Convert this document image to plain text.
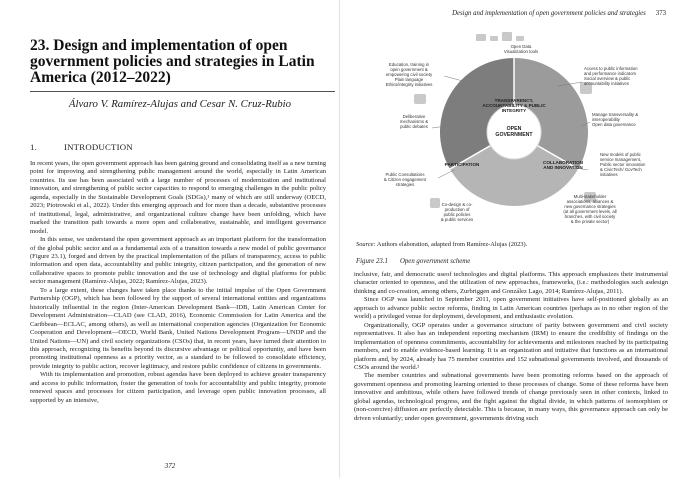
23. Design and implementation of open government policies and strategies in Latin America (2012–2022)
Álvaro V. Ramírez-Alujas and Cesar N. Cruz-Rubio
1.	INTRODUCTION

In recent years, the open government approach has been gaining ground and consolidating itself as a new turning point for improving and strengthening public management around the world, especially in Latin American countries. Its use has been associated with a large number of processes of modernization and institutional innovation, and strengthening of public sector capacities to respond to emerging challenges in the public policy agenda, especially in the Sustainable Development Goals (SDGs),¹ many of which are still underway (OECD, 2023; Piotrowski et al., 2022). Under this emerging approach and for more than a decade, substantive processes of institutional, legal, administrative, and organizational culture change have been unfolding, which have marked the transition path towards a more open and collaborative, sustainable, and intelligent governance model.

In this sense, we understand the open government approach as an important platform for the transformation of the global public sector and as a fundamental axis of a transition towards a new model of public governance (Figure 23.1), forged and driven by the practical implementation of the pillars of transparency, access to public information and open data, accountability and public integrity, citizen participation, and the generation of new collaborative spaces to promote public innovation and the use of technology and digital platforms for public sector management (Ramírez-Alujas, 2022; Ramírez-Alujas, 2023).

To a large extent, these changes have taken place thanks to the initial impulse of the Open Government Partnership (OGP), which has been followed by the support of several international entities and organizations historically influential in the region (Inter-American Development Bank—IDB, Latin American Center for Development Administration—CLAD (see CLAD, 2016), Economic Commission for Latin America and the Caribbean—ECLAC, among others), as well as international cooperation agencies (Organization for Economic Cooperation and Development—OECD, World Bank, United Nations Development Program—UNDP and the United Nations—UN) and civil society organizations (CSOs) that, in recent years, have turned their attention to this approach, recognizing its benefits beyond its discursive advantage or political opportunity, and have been promoting institutional openness as a priority vector, as a standard to be followed to consolidate efficiency, provide integrity to public action, recover legitimacy, and restore public confidence of citizens in governments.

With its implementation and promotion, robust agendas have been deployed to achieve greater transparency and access to public information, foster the generation of tools for accountability and public integrity, promote renewed spaces and processes for citizen participation, and leverage open public innovation processes, all supported by an intensive,

372
Design and implementation of open government policies and strategies 373
TRANSPARENCY, ACCOUNTABILITY & PUBLIC INTEGRITY
PARTICIPATION	COLLABORATION AND INNOVATION
OPEN
GOVERNMENT
Open Data
Visualization tools
Education, training in
open government &
empowering civil society
Plain language
Ethics/integrity initiatives
Access to public information
and performance indicators
Social overview & public
accountability initiatives
Deliberative
mechanisms &
public debates
Manage transversality &
interoperability
Open data governance
New models of public
service management,
Public sector innovation
& CivicTech/ GovTech
initiatives
Public Consultations
& Citizen engagement
strategies
Co-design & co-
production of
public policies
& public services
Multi-stakeholder
associations, alliances &
new governance strategies
(at all government levels, all
branches, with civil society
& the private sector)
Source: Authors elaboration, adapted from Ramírez-Alujas (2023).
Figure 23.1 Open government scheme

inclusive, fair, and democratic useof technologies and digital platforms. This approach emphasizes their instrumental character oriented to openness, and the utilization of new approaches, frameworks, (i.e.: methodologies such asdesign thinking and co-creation, among others, Zurbriggen and González Lago, 2014; Ramírez-Alujas, 2011).

Since OGP was launched in September 2011, open government initiatives have self-positioned globally as an approach to advance public sector reforms, finding in Latin American countries (perhaps as in no other region of the world) a privileged venue for deployment, development, and enthusiastic evolution.

Organizationally, OGP operates under a governance structure of parity between government and civil society representatives. It also has an independent reporting mechanism (IRM) to ensure the credibility of findings on the implementation of openness commitments, accountability for achievements and milestones reached by its participating members, and to enable evidence-based learning. It is an organization and initiative that functions as an international platform and, by 2024, already has 75 member countries and 152 subnational governments involved, and thousands of CSOs around the world.²

The member countries and subnational governments have been promoting reforms based on the approach of government openness and promoting learning oriented to these processes of change. Some of these reforms have been innovative and ambitious, while others have followed trends of change previously seen in other contexts, linked to global agendas, technological progress, and the fight against the digital divide, in which patterns of isomorphism or (non-coercive) diffusion are perfectly detectable. This is because, in many ways, this governance approach can only be driven voluntarily; under open government, governments driving such
